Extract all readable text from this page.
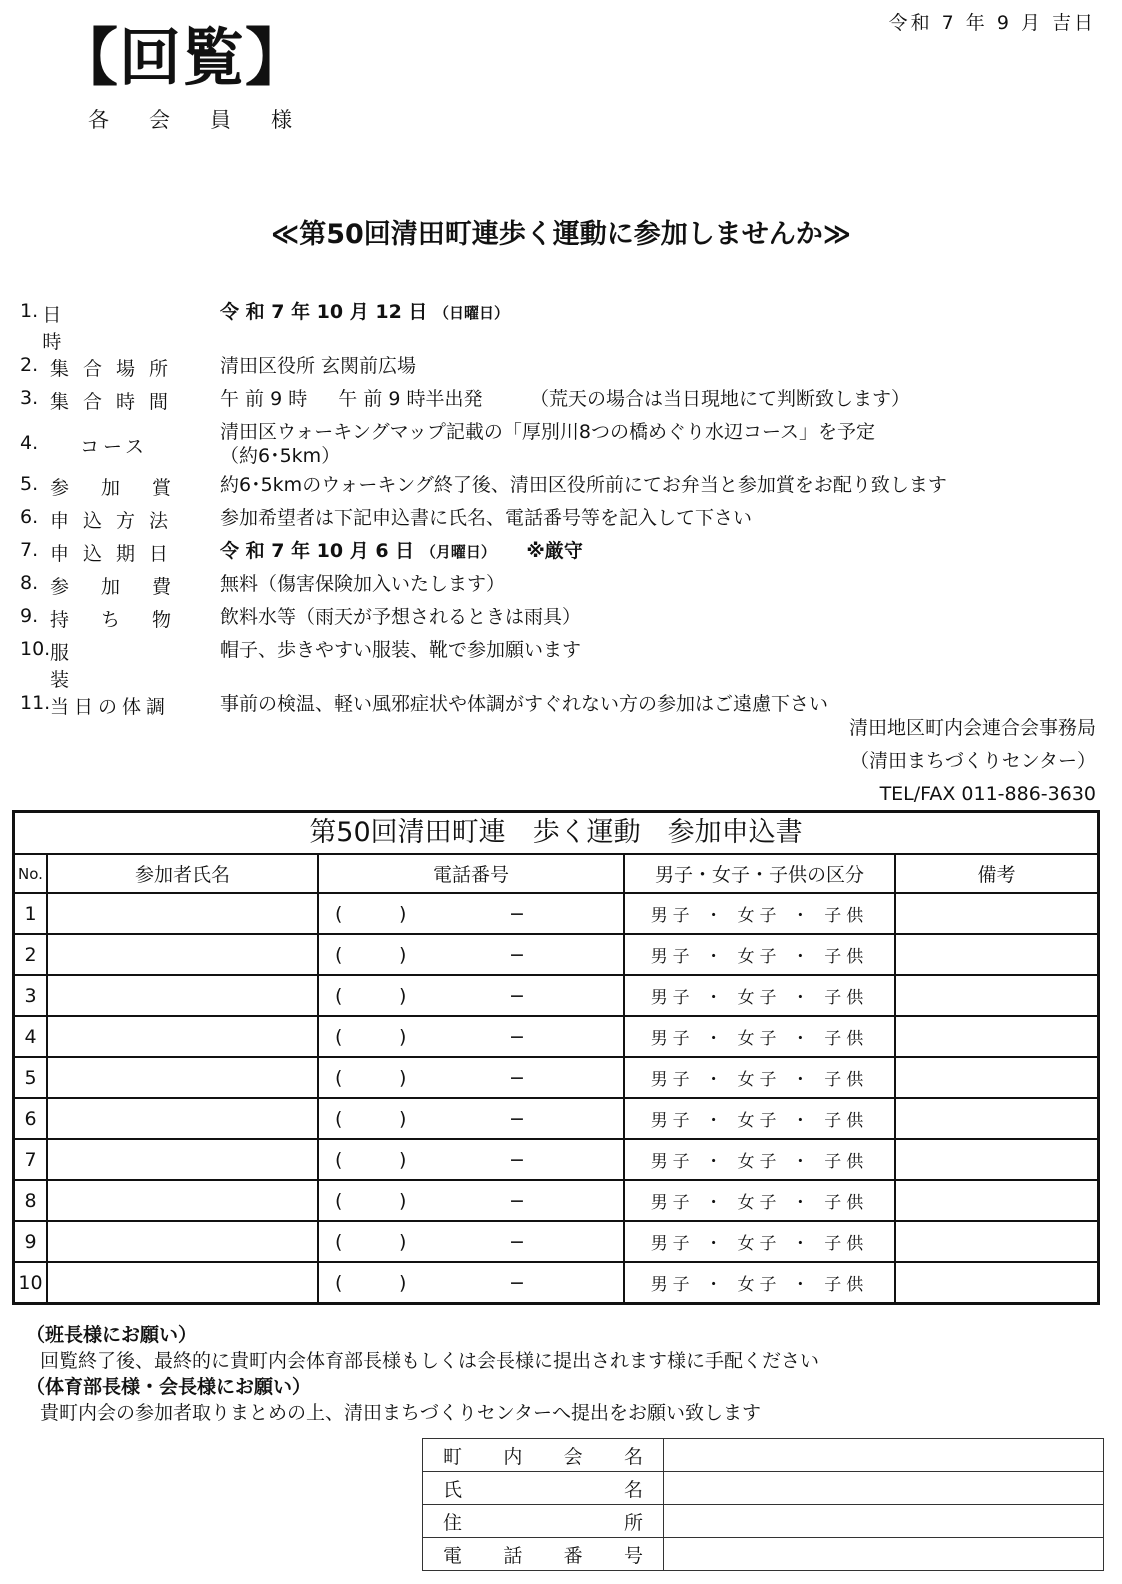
令和 7 年 9 月 吉日
【回覧】
各会員様
≪第50回清田町連歩く運動に参加しませんか≫
1. 日時
令 和 7 年 10 月 12 日 （日曜日）
2. 集合場所 清田区役所 玄関前広場
3. 集合時間 午 前 9 時 　 午 前 9 時半出発　　　	（荒天の場合は当日現地にて判断致します）
4.	コース
清田区ウォーキングマップ記載の「厚別川8つの橋めぐり水辺コース」を予定
（約6･5km）
5. 参加賞 約6･5kmのウォーキング終了後、清田区役所前にてお弁当と参加賞をお配り致します
6. 申込方法 参加希望者は下記申込書に氏名、電話番号等を記入して下さい
7. 申込期日 令 和 7 年 10 月 6 日 （月曜日）　　 ※厳守
8. 参加費 無料（傷害保険加入いたします）
9. 持ち物 飲料水等（雨天が予想されるときは雨具）
10. 服装
帽子、歩きやすい服装、靴で参加願います
11. 当日の体調	事前の検温、軽い風邪症状や体調がすぐれない方の参加はご遠慮下さい
清田地区町内会連合会事務局
（清田まちづくりセンター）
TEL/FAX 011-886-3630
第50回清田町連　歩く運動　参加申込書
No.	参加者氏名	電話番号	男子・女子・子供の区分	備考
1		( ) −	男子 ・ 女子 ・ 子供	
2		( ) −	男子 ・ 女子 ・ 子供	
3		( ) −	男子 ・ 女子 ・ 子供	
4		( ) −	男子 ・ 女子 ・ 子供	
5		( ) −	男子 ・ 女子 ・ 子供	
6		( ) −	男子 ・ 女子 ・ 子供	
7		( ) −	男子 ・ 女子 ・ 子供	
8		( ) −	男子 ・ 女子 ・ 子供	
9		( ) −	男子 ・ 女子 ・ 子供	
10		( ) −	男子 ・ 女子 ・ 子供	
（班長様にお願い）
回覧終了後、最終的に貴町内会体育部長様もしくは会長様に提出されます様に手配ください
（体育部長様・会長様にお願い）
貴町内会の参加者取りまとめの上、清田まちづくりセンターへ提出をお願い致します
町 内 会 名	

氏 名	

住 所	

電 話 番 号	
